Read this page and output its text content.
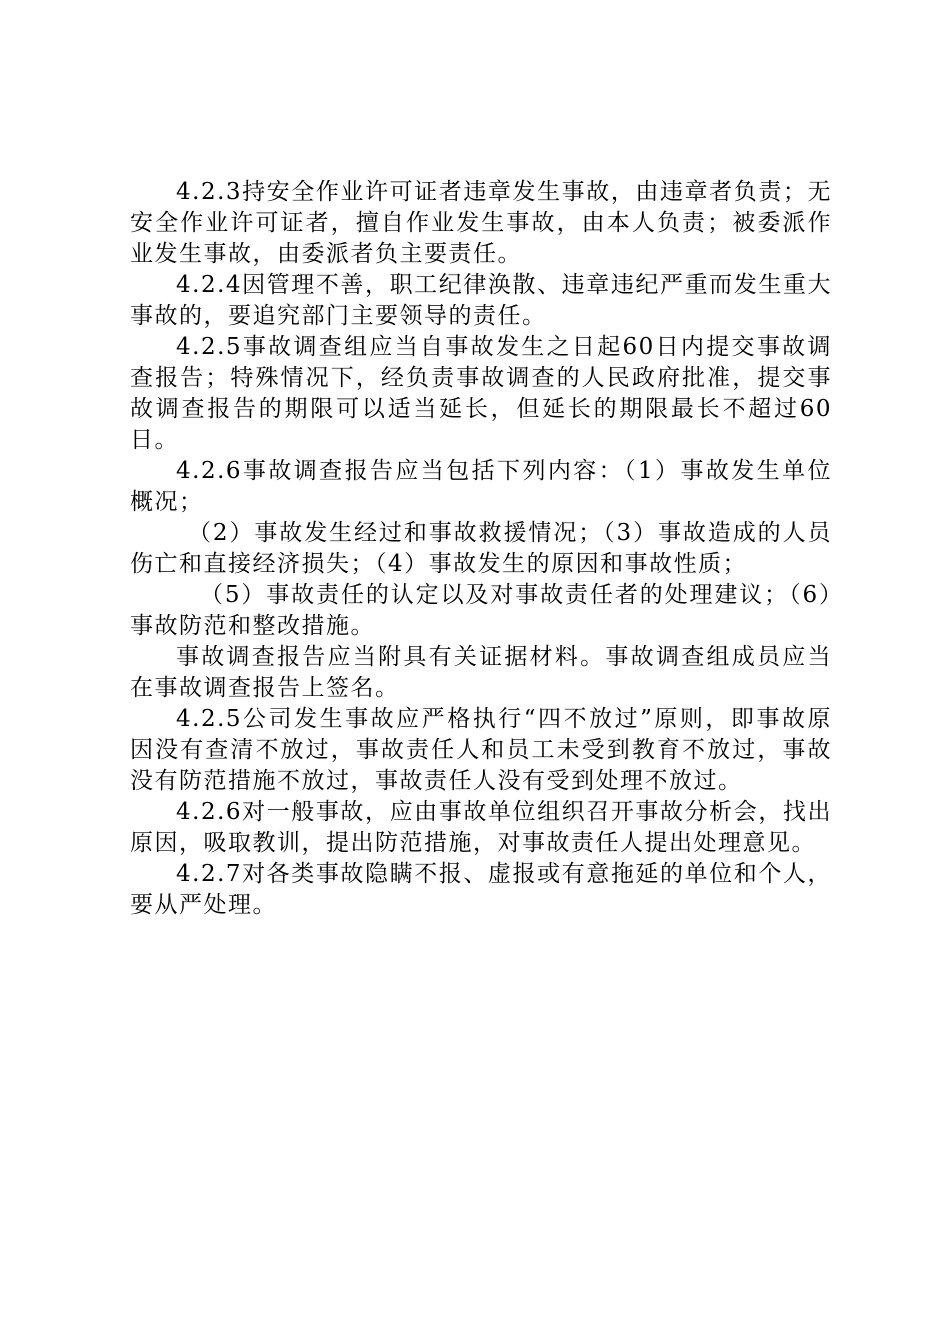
4.2.3持安全作业许可证者违章发生事故，由违章者负责；无安全作业许可证者，擅自作业发生事故，由本人负责；被委派作业发生事故，由委派者负主要责任。

4.2.4因管理不善，职工纪律涣散、违章违纪严重而发生重大事故的，要追究部门主要领导的责任。

4.2.5事故调查组应当自事故发生之日起60日内提交事故调查报告；特殊情况下，经负责事故调查的人民政府批准，提交事故调查报告的期限可以适当延长，但延长的期限最长不超过60日。

4.2.6事故调查报告应当包括下列内容：（1）事故发生单位概况；

（2）事故发生经过和事故救援情况；（3）事故造成的人员伤亡和直接经济损失；（4）事故发生的原因和事故性质；

（5）事故责任的认定以及对事故责任者的处理建议；（6）事故防范和整改措施。

事故调查报告应当附具有关证据材料。事故调查组成员应当在事故调查报告上签名。

4.2.5公司发生事故应严格执行“四不放过”原则，即事故原因没有查清不放过，事故责任人和员工未受到教育不放过，事故没有防范措施不放过，事故责任人没有受到处理不放过。

4.2.6对一般事故，应由事故单位组织召开事故分析会，找出原因，吸取教训，提出防范措施，对事故责任人提出处理意见。

4.2.7对各类事故隐瞒不报、虚报或有意拖延的单位和个人，要从严处理。
